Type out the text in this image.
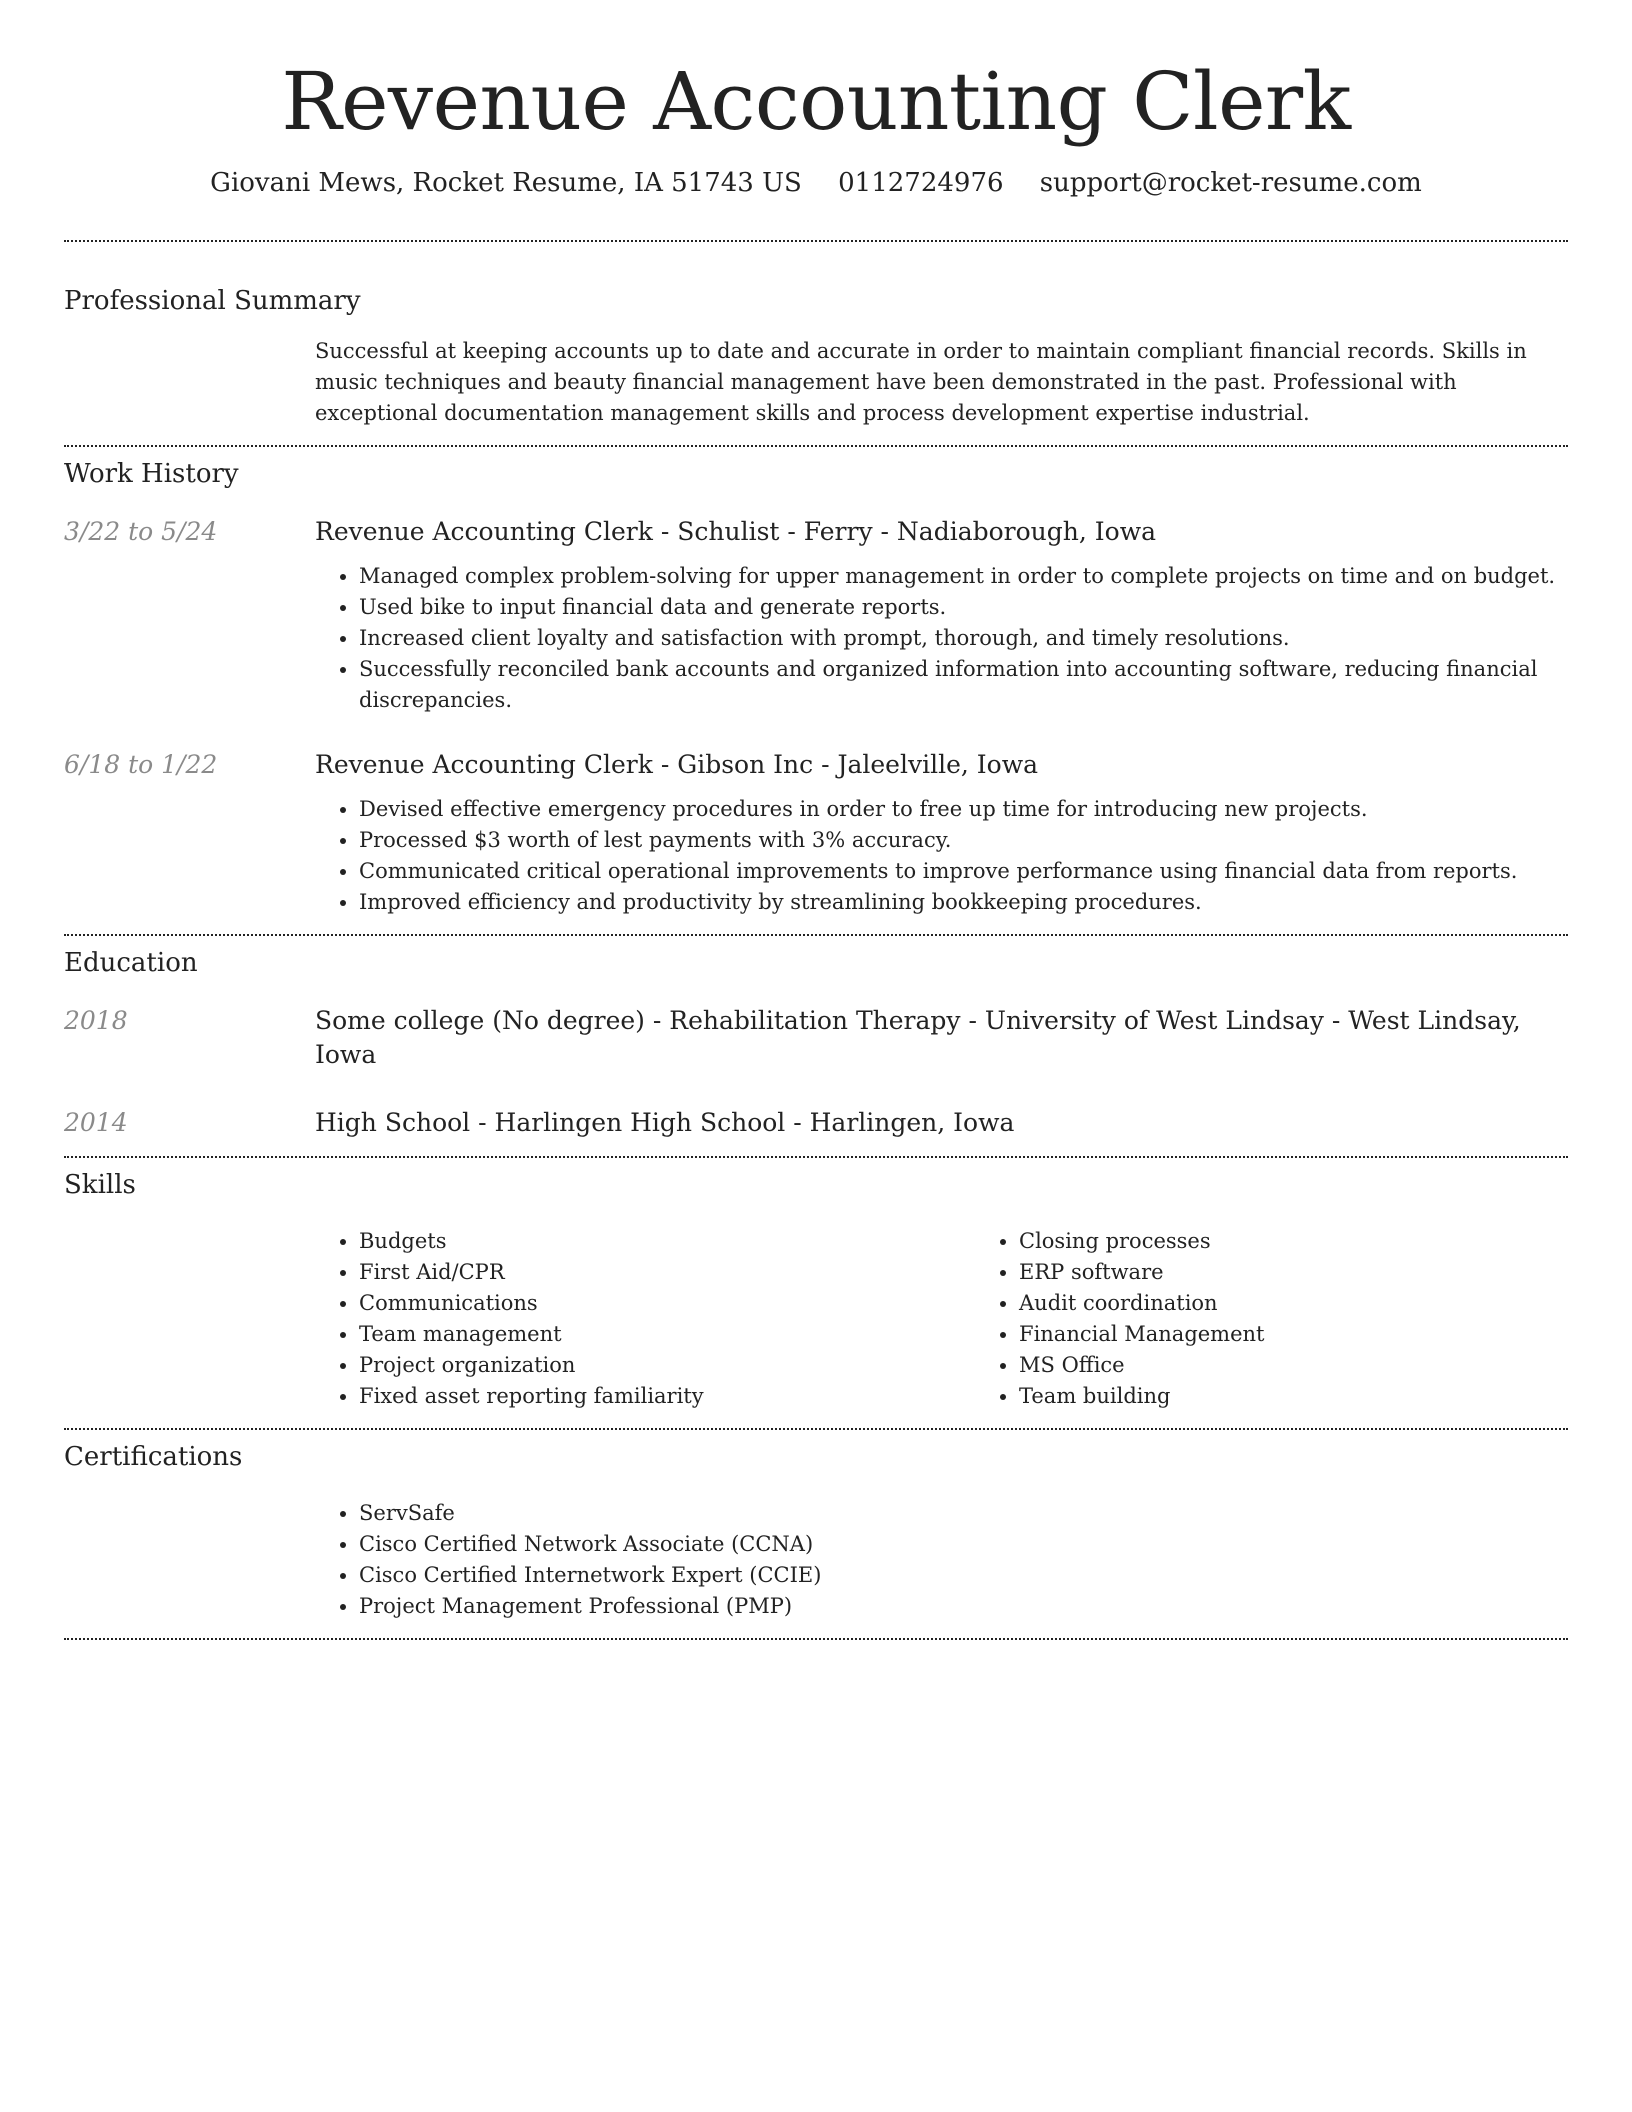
Revenue Accounting Clerk
Giovani Mews, Rocket Resume, IA 51743 US 0112724976 support@rocket-resume.com
Professional Summary

Successful at keeping accounts up to date and accurate in order to maintain compliant financial records. Skills in music techniques and beauty financial management have been demonstrated in the past. Professional with exceptional documentation management skills and process development expertise industrial.

Work History
3/22 to 5/24	Revenue Accounting Clerk - Schulist - Ferry - Nadiaborough, Iowa
• Managed complex problem-solving for upper management in order to complete projects on time and on budget.
• Used bike to input financial data and generate reports.
• Increased client loyalty and satisfaction with prompt, thorough, and timely resolutions.
• Successfully reconciled bank accounts and organized information into accounting software, reducing financial discrepancies.
6/18 to 1/22	Revenue Accounting Clerk - Gibson Inc - Jaleelville, Iowa
• Devised effective emergency procedures in order to free up time for introducing new projects.
• Processed $3 worth of lest payments with 3% accuracy.
• Communicated critical operational improvements to improve performance using financial data from reports.
• Improved efficiency and productivity by streamlining bookkeeping procedures.
Education
2018	Some college (No degree) - Rehabilitation Therapy - University of West Lindsay - West Lindsay, Iowa
2014	High School - Harlingen High School - Harlingen, Iowa
Skills
• Budgets
• First Aid/CPR
• Communications
• Team management
• Project organization
• Fixed asset reporting familiarity
• Closing processes
• ERP software
• Audit coordination
• Financial Management
• MS Office
• Team building
Certifications
• ServSafe
• Cisco Certified Network Associate (CCNA)
• Cisco Certified Internetwork Expert (CCIE)
• Project Management Professional (PMP)
